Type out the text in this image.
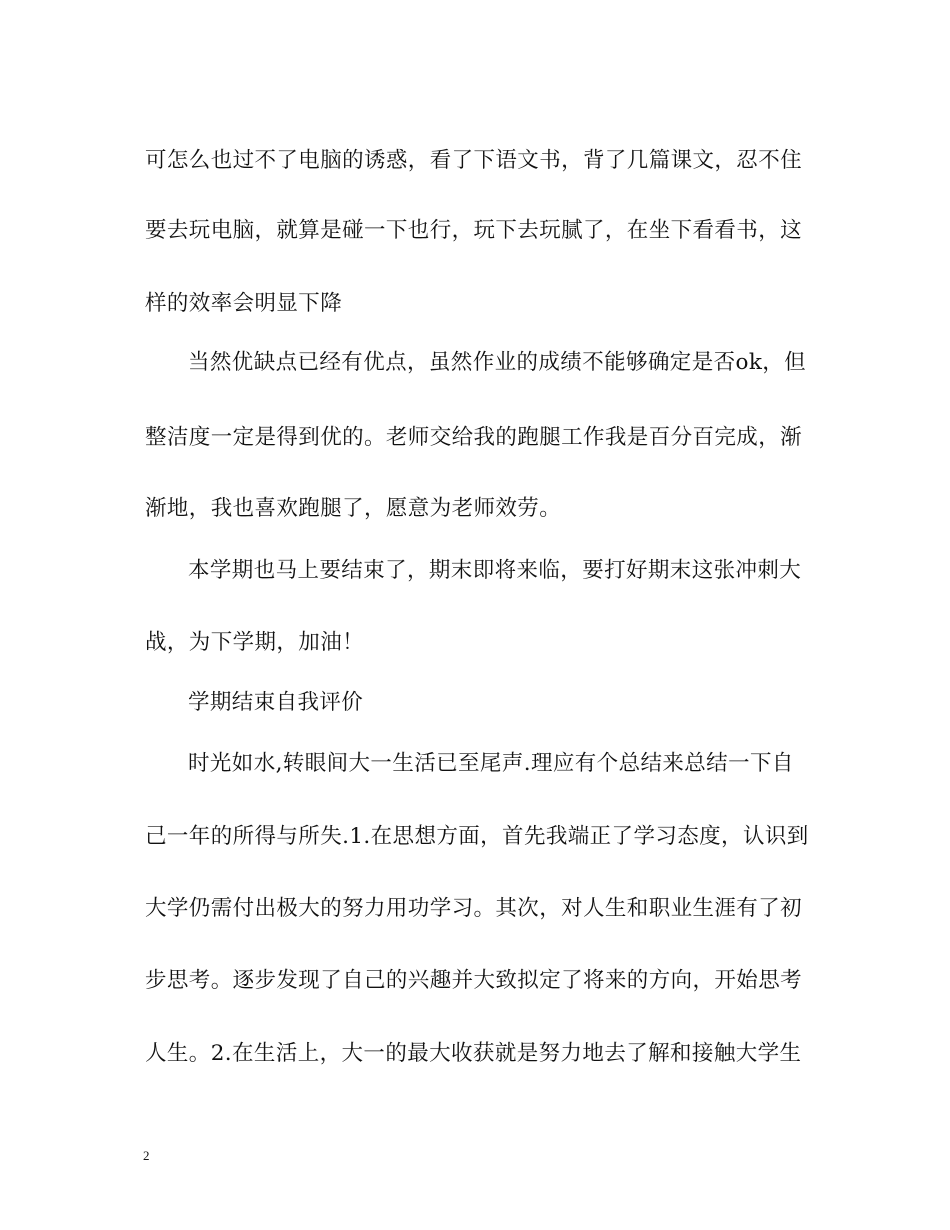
可怎么也过不了电脑的诱惑，看了下语文书，背了几篇课文，忍不住
要去玩电脑，就算是碰一下也行，玩下去玩腻了，在坐下看看书，这
样的效率会明显下降
当然优缺点已经有优点，虽然作业的成绩不能够确定是否ok，但
整洁度一定是得到优的。老师交给我的跑腿工作我是百分百完成，渐
渐地，我也喜欢跑腿了，愿意为老师效劳。
本学期也马上要结束了，期末即将来临，要打好期末这张冲刺大
战，为下学期，加油！
学期结束自我评价
时光如水,转眼间大一生活已至尾声.理应有个总结来总结一下自
己一年的所得与所失.1.在思想方面，首先我端正了学习态度，认识到
大学仍需付出极大的努力用功学习。其次，对人生和职业生涯有了初
步思考。逐步发现了自己的兴趣并大致拟定了将来的方向，开始思考
人生。2.在生活上，大一的最大收获就是努力地去了解和接触大学生
2
